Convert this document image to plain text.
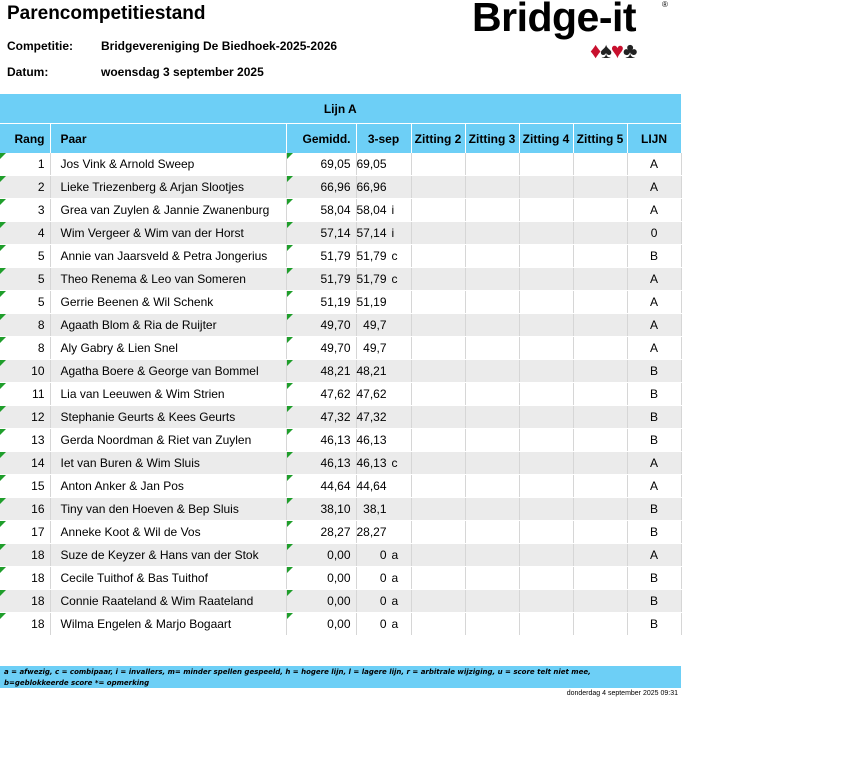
Parencompetitiestand
Competitie: Bridgevereniging De Biedhoek-2025-2026
Datum:	woensdag 3 september 2025
Bridge-it	®
♦♠♥♣
Lijn A								
Rang	Paar	Gemidd.	3-sep	Zitting 2	Zitting 3	Zitting 4	Zitting 5	LIJN
1	Jos Vink & Arnold Sweep	69,05	69,05					A
2	Lieke Triezenberg & Arjan Slootjes	66,96	66,96					A
3	Grea van Zuylen & Jannie Zwanenburg	58,04	58,04 i					A
4	Wim Vergeer & Wim van der Horst	57,14	57,14 i					0
5	Annie van Jaarsveld & Petra Jongerius	51,79	51,79 c					B
5	Theo Renema & Leo van Someren	51,79	51,79 c					A
5	Gerrie Beenen & Wil Schenk	51,19	51,19					A
8	Agaath Blom & Ria de Ruijter	49,70	49,7					A
8	Aly Gabry & Lien Snel	49,70	49,7					A
10	Agatha Boere & George van Bommel	48,21	48,21					B
11	Lia van Leeuwen & Wim Strien	47,62	47,62					B
12	Stephanie Geurts & Kees Geurts	47,32	47,32					B
13	Gerda Noordman & Riet van Zuylen	46,13	46,13					B
14	Iet van Buren & Wim Sluis	46,13	46,13 c					A
15	Anton Anker & Jan Pos	44,64	44,64					A
16	Tiny van den Hoeven & Bep Sluis	38,10	38,1					B
17	Anneke Koot & Wil de Vos	28,27	28,27					B
18	Suze de Keyzer & Hans van der Stok	0,00	0 a					A
18	Cecile Tuithof & Bas Tuithof	0,00	0 a					B
18	Connie Raateland & Wim Raateland	0,00	0 a					B
18	Wilma Engelen & Marjo Bogaart	0,00	0 a					B
a = afwezig, c = combipaar, i = invallers, m= minder spellen gespeeld, h = hogere lijn, l = lagere lijn, r = arbitrale wijziging, u = score telt niet mee,
b=geblokkeerde score *= opmerking
donderdag 4 september 2025 09:31
